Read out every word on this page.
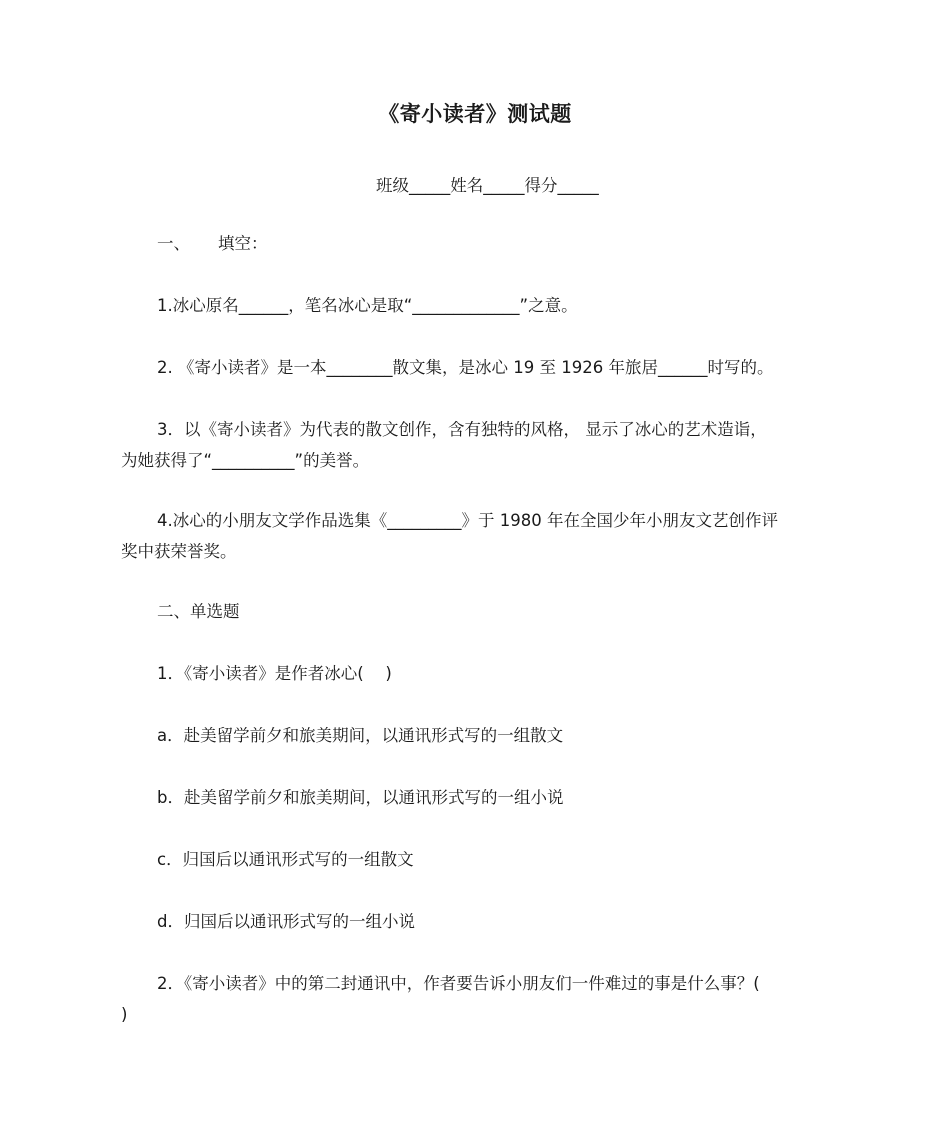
《寄小读者》测试题
班级_____姓名_____得分_____
一、 填空：
1.冰心原名______，笔名冰心是取“_____________”之意。
2. 《寄小读者》是一本________散文集，是冰心 19 至 1926 年旅居______时写的。
3．以《寄小读者》为代表的散文创作，含有独特的风格， 显示了冰心的艺术造诣，
为她获得了“__________”的美誉。
4.冰心的小朋友文学作品选集《_________》于 1980 年在全国少年小朋友文艺创作评
奖中获荣誉奖。
二、单选题
1．《寄小读者》是作者冰心(　 )
a．赴美留学前夕和旅美期间，以通讯形式写的一组散文
b．赴美留学前夕和旅美期间，以通讯形式写的一组小说
c．归国后以通讯形式写的一组散文
d．归国后以通讯形式写的一组小说
2．《寄小读者》中的第二封通讯中，作者要告诉小朋友们一件难过的事是什么事？(
)
